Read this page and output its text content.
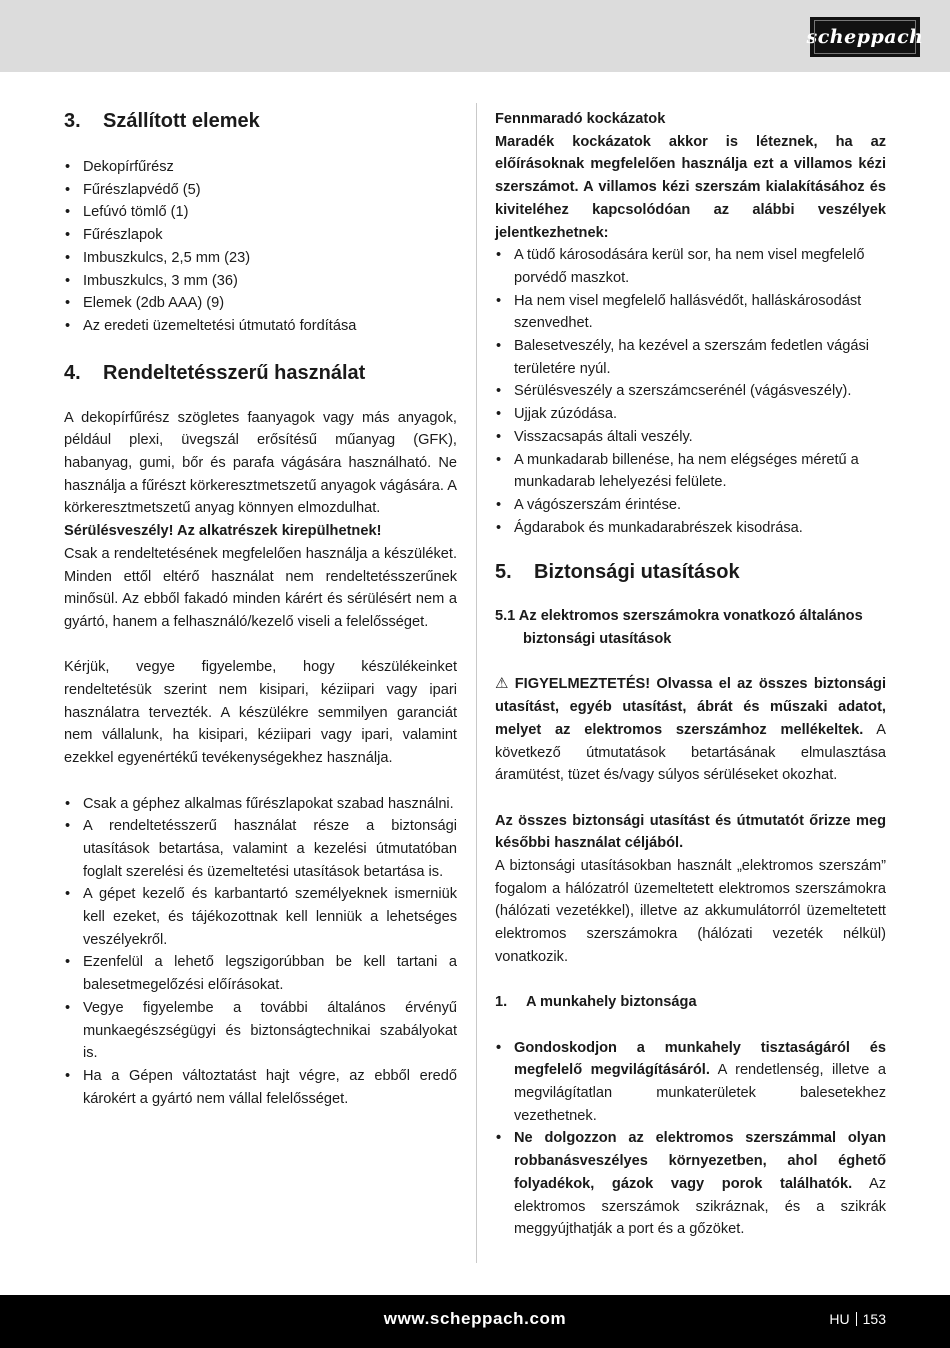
scheppach
3. Szállított elemek
• Dekopírfűrész
• Fűrészlapvédő (5)
• Lefúvó tömlő (1)
• Fűrészlapok
• Imbuszkulcs, 2,5 mm (23)
• Imbuszkulcs, 3 mm (36)
• Elemek (2db AAA) (9)
• Az eredeti üzemeltetési útmutató fordítása
4. Rendeltetésszerű használat

A dekopírfűrész szögletes faanyagok vagy más anyagok, például plexi, üvegszál erősítésű műanyag (GFK), habanyag, gumi, bőr és parafa vágására használható. Ne használja a fűrészt körkeresztmetszetű anyagok vágására. A körkeresztmetszetű anyag könnyen elmozdulhat.

Sérülésveszély! Az alkatrészek kirepülhetnek!

Csak a rendeltetésének megfelelően használja a készüléket. Minden ettől eltérő használat nem rendeltetésszerűnek minősül. Az ebből fakadó minden kárért és sérülésért nem a gyártó, hanem a felhasználó/kezelő viseli a felelősséget.

Kérjük, vegye figyelembe, hogy készülékeinket rendeltetésük szerint nem kisipari, kéziipari vagy ipari használatra tervezték. A készülékre semmilyen garanciát nem vállalunk, ha kisipari, kéziipari vagy ipari, valamint ezekkel egyenértékű tevékenységekhez használja.

• Csak a géphez alkalmas fűrészlapokat szabad használni.
• A rendeltetésszerű használat része a biztonsági utasítások betartása, valamint a kezelési útmutatóban foglalt szerelési és üzemeltetési utasítások betartása is.
• A gépet kezelő és karbantartó személyeknek ismerniük kell ezeket, és tájékozottnak kell lenniük a lehetséges veszélyekről.
• Ezenfelül a lehető legszigorúbban be kell tartani a balesetmegelőzési előírásokat.
• Vegye figyelembe a további általános érvényű munkaegészségügyi és biztonságtechnikai szabályokat is.
• Ha a Gépen változtatást hajt végre, az ebből eredő károkért a gyártó nem vállal felelősséget.

Fennmaradó kockázatok

Maradék kockázatok akkor is léteznek, ha az előírásoknak megfelelően használja ezt a villamos kézi szerszámot. A villamos kézi szerszám kialakításához és kiviteléhez kapcsolódóan az alábbi veszélyek jelentkezhetnek:

• A tüdő károsodására kerül sor, ha nem visel megfelelő porvédő maszkot.
• Ha nem visel megfelelő hallásvédőt, halláskárosodást szenvedhet.
• Balesetveszély, ha kezével a szerszám fedetlen vágási területére nyúl.
• Sérülésveszély a szerszámcserénél (vágásveszély).
• Ujjak zúzódása.
• Visszacsapás általi veszély.
• A munkadarab billenése, ha nem elégséges méretű a munkadarab lehelyezési felülete.
• A vágószerszám érintése.
• Ágdarabok és munkadarabrészek kisodrása.
5. Biztonsági utasítások

5.1 Az elektromos szerszámokra vonatkozó általános biztonsági utasítások

⚠ FIGYELMEZTETÉS! Olvassa el az összes biztonsági utasítást, egyéb utasítást, ábrát és műszaki adatot, melyet az elektromos szerszámhoz mellékeltek. A következő útmutatások betartásának elmulasztása áramütést, tüzet és/vagy súlyos sérüléseket okozhat.

Az összes biztonsági utasítást és útmutatót őrizze meg későbbi használat céljából.

A biztonsági utasításokban használt „elektromos szerszám” fogalom a hálózatról üzemeltetett elektromos szerszámokra (hálózati vezetékkel), illetve az akkumulátorról üzemeltetett elektromos szerszámokra (hálózati vezeték nélkül) vonatkozik.

1. A munkahely biztonsága

• Gondoskodjon a munkahely tisztaságáról és megfelelő megvilágításáról. A rendetlenség, illetve a megvilágítatlan munkaterületek balesetekhez vezethetnek.
• Ne dolgozzon az elektromos szerszámmal olyan robbanásveszélyes környezetben, ahol éghető folyadékok, gázok vagy porok találhatók. Az elektromos szerszámok szikráznak, és a szikrák meggyújthatják a port és a gőzöket.
www.scheppach.com	HU 153
